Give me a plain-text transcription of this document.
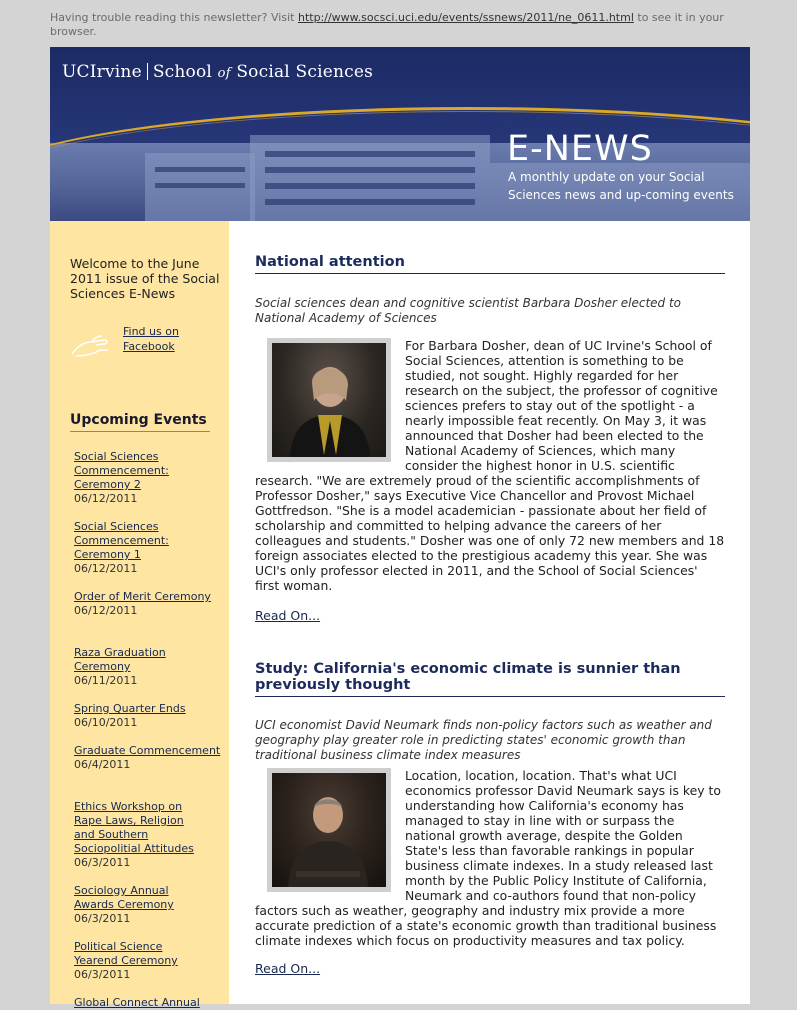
Having trouble reading this newsletter? Visit http://www.socsci.uci.edu/events/ssnews/2011/ne_0611.html to see it in your browser.
UCIrvine School of Social Sciences
E-NEWS
A monthly update on your Social Sciences news and up-coming events
Welcome to the June 2011 issue of the Social Sciences E-News
Find us on Facebook
Upcoming Events
Social Sciences Commencement: Ceremony 2
06/12/2011
Social Sciences Commencement: Ceremony 1
06/12/2011
Order of Merit Ceremony
06/12/2011
Raza Graduation Ceremony
06/11/2011
Spring Quarter Ends
06/10/2011
Graduate Commencement
06/4/2011
Ethics Workshop on Rape Laws, Religion and Southern Sociopolitial Attitudes
06/3/2011
Sociology Annual Awards Ceremony
06/3/2011
Political Science Yearend Ceremony
06/3/2011
Global Connect Annual
National attention
Social sciences dean and cognitive scientist Barbara Dosher elected to National Academy of Sciences
For Barbara Dosher, dean of UC Irvine's School of Social Sciences, attention is something to be studied, not sought. Highly regarded for her research on the subject, the professor of cognitive sciences prefers to stay out of the spotlight - a nearly impossible feat recently. On May 3, it was announced that Dosher had been elected to the National Academy of Sciences, which many consider the highest honor in U.S. scientific research. "We are extremely proud of the scientific accomplishments of Professor Dosher," says Executive Vice Chancellor and Provost Michael Gottfredson. "She is a model academician - passionate about her field of scholarship and committed to helping advance the careers of her colleagues and students." Dosher was one of only 72 new members and 18 foreign associates elected to the prestigious academy this year. She was UCI's only professor elected in 2011, and the School of Social Sciences' first woman.
Read On...
Study: California's economic climate is sunnier than previously thought
UCI economist David Neumark finds non-policy factors such as weather and geography play greater role in predicting states' economic growth than traditional business climate index measures
Location, location, location. That's what UCI economics professor David Neumark says is key to understanding how California's economy has managed to stay in line with or surpass the national growth average, despite the Golden State's less than favorable rankings in popular business climate indexes. In a study released last month by the Public Policy Institute of California, Neumark and co-authors found that non-policy factors such as weather, geography and industry mix provide a more accurate prediction of a state's economic growth than traditional business climate indexes which focus on productivity measures and tax policy.
Read On...
